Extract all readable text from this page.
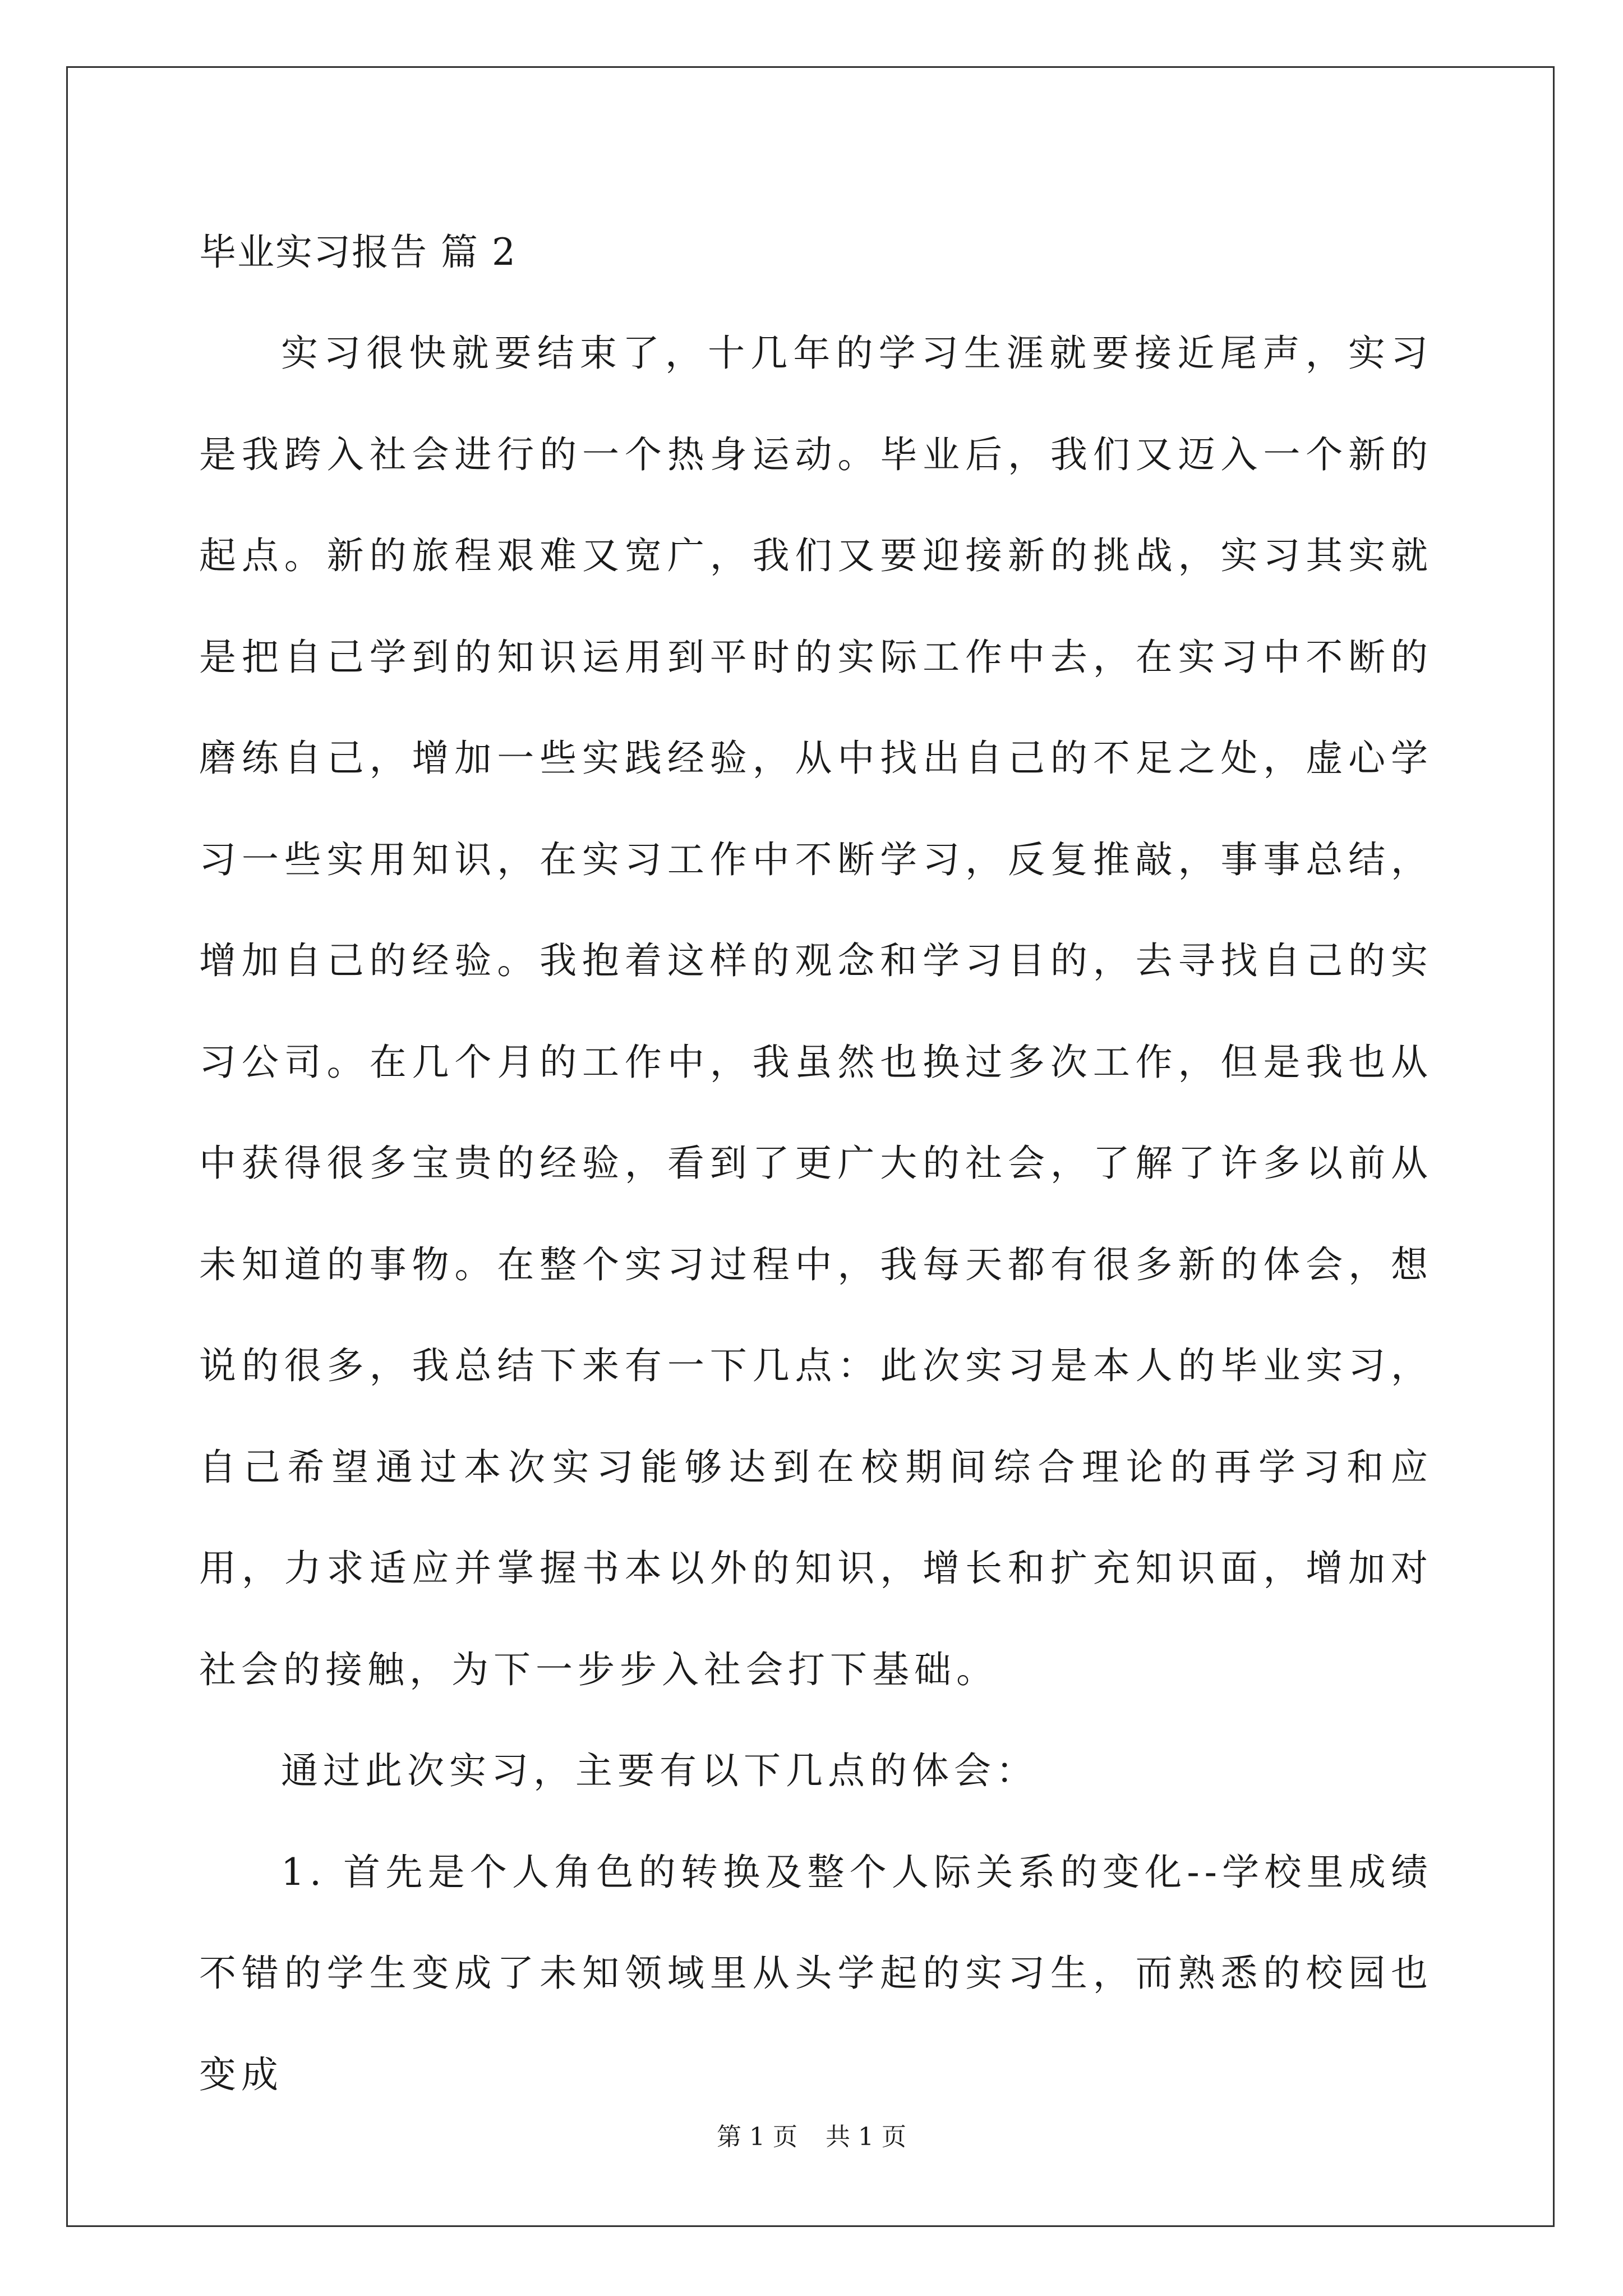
毕业实习报告 篇 2

实习很快就要结束了，十几年的学习生涯就要接近尾声，实习是我跨入社会进行的一个热身运动。毕业后，我们又迈入一个新的起点。新的旅程艰难又宽广，我们又要迎接新的挑战，实习其实就是把自己学到的知识运用到平时的实际工作中去，在实习中不断的磨练自己，增加一些实践经验，从中找出自己的不足之处，虚心学习一些实用知识，在实习工作中不断学习，反复推敲，事事总结，增加自己的经验。我抱着这样的观念和学习目的，去寻找自己的实习公司。在几个月的工作中，我虽然也换过多次工作，但是我也从中获得很多宝贵的经验，看到了更广大的社会，了解了许多以前从未知道的事物。在整个实习过程中，我每天都有很多新的体会，想说的很多，我总结下来有一下几点：此次实习是本人的毕业实习，自己希望通过本次实习能够达到在校期间综合理论的再学习和应用，力求适应并掌握书本以外的知识，增长和扩充知识面，增加对社会的接触，为下一步步入社会打下基础。

通过此次实习，主要有以下几点的体会：

1. 首先是个人角色的转换及整个人际关系的变化--学校里成绩不错的学生变成了未知领域里从头学起的实习生，而熟悉的校园也变成

第 1 页 共 1 页
